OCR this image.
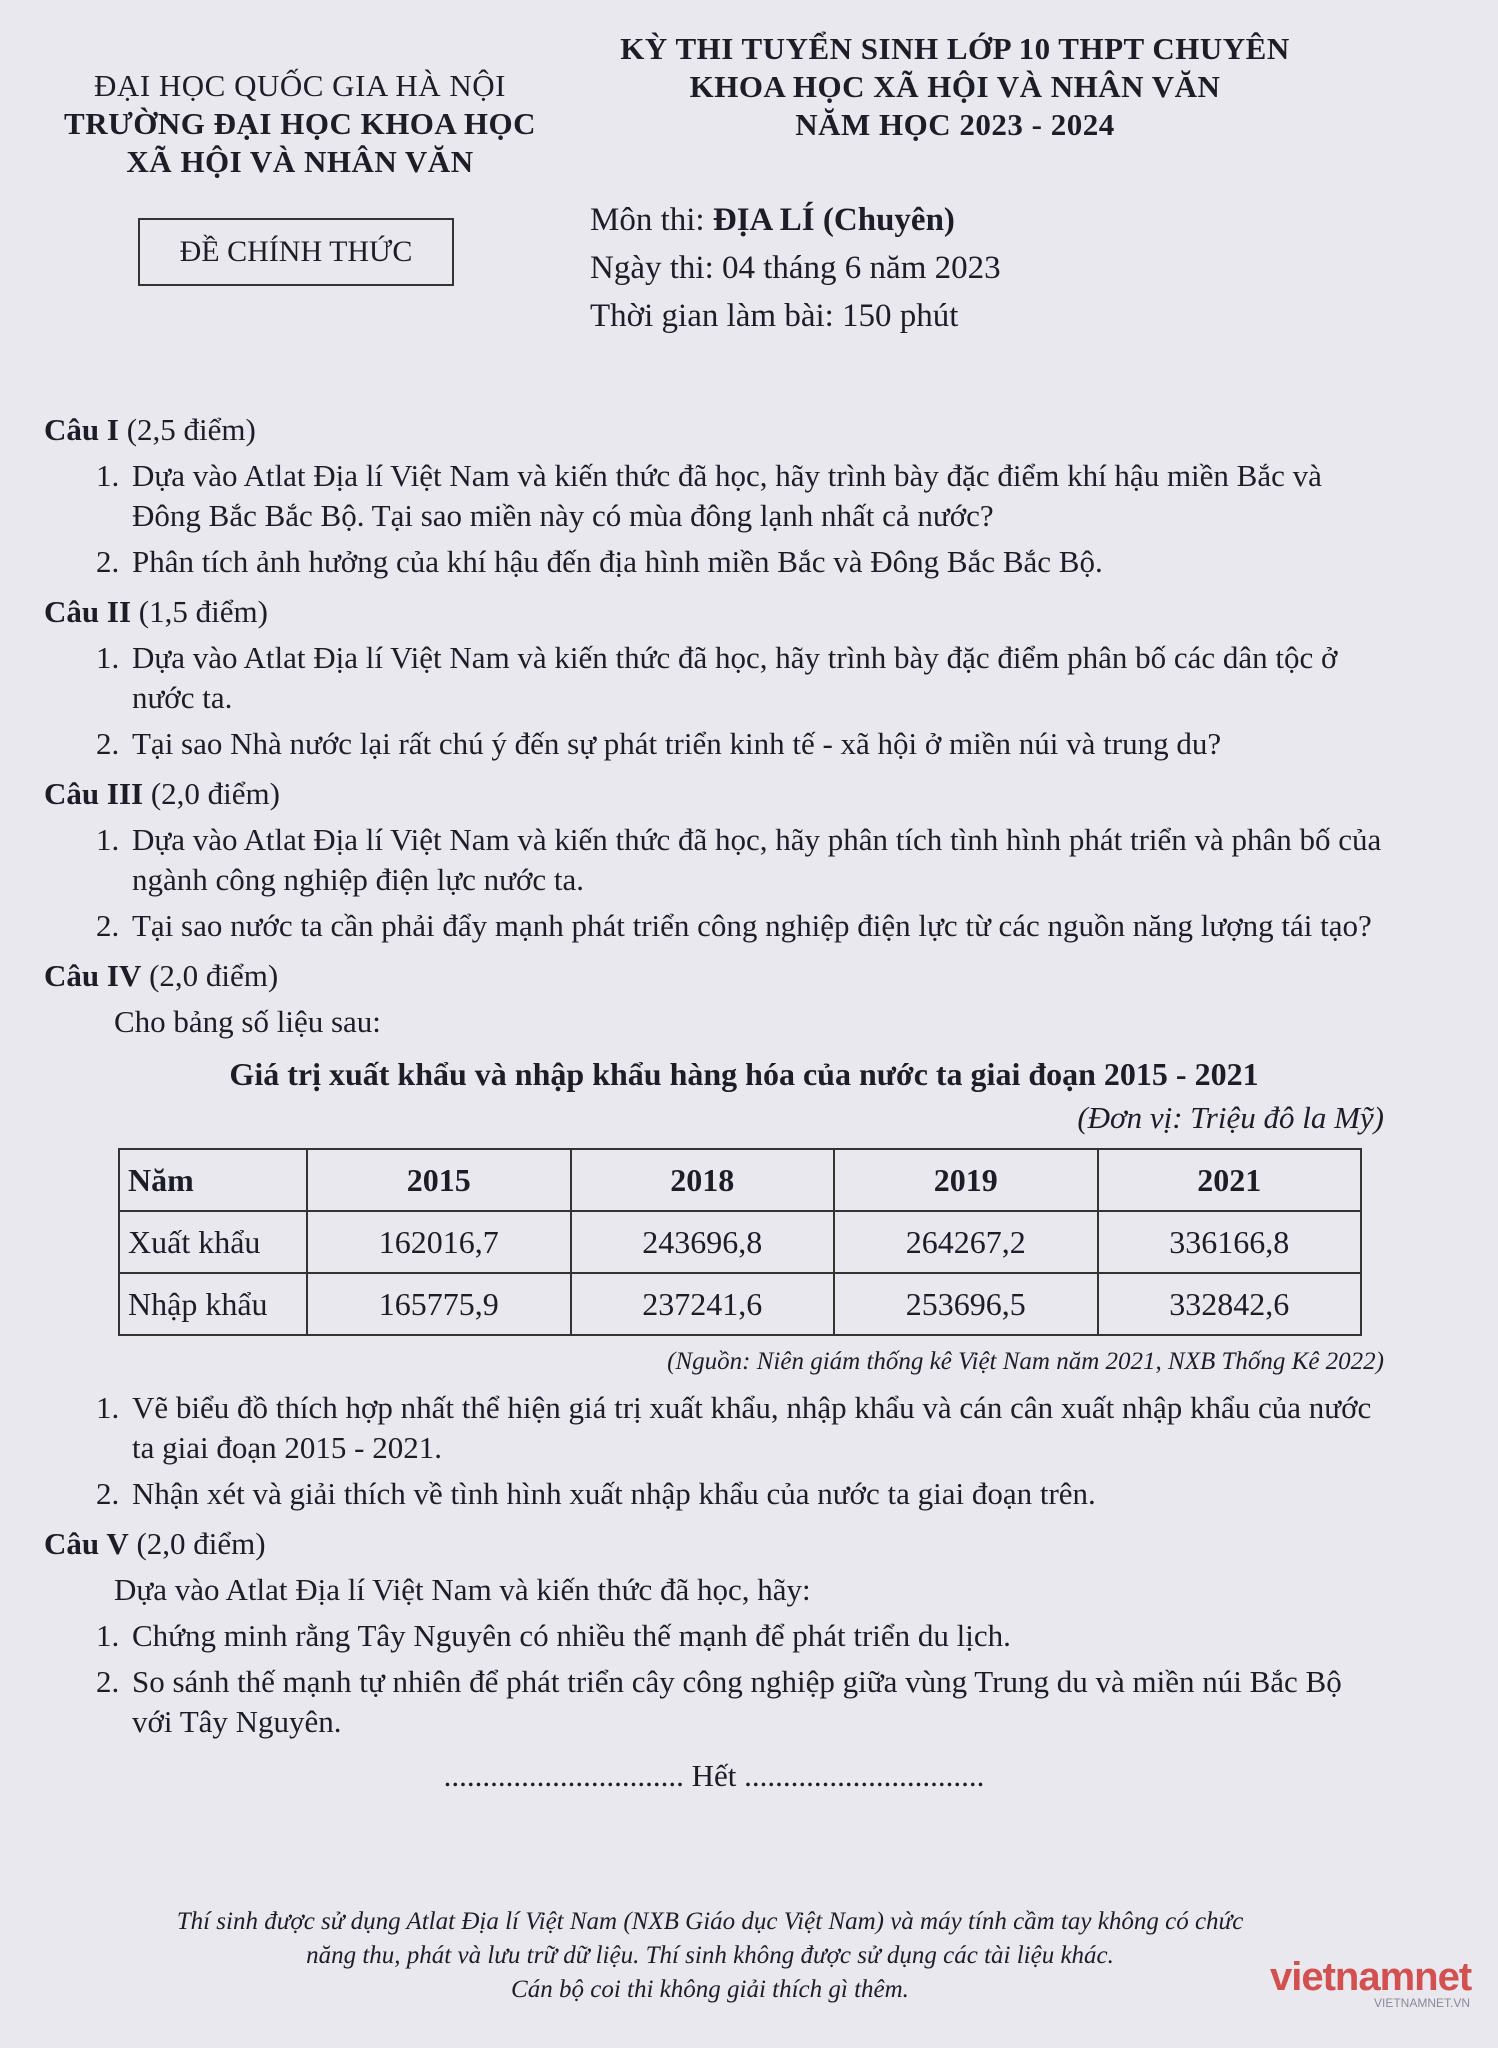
ĐẠI HỌC QUỐC GIA HÀ NỘI
TRƯỜNG ĐẠI HỌC KHOA HỌC
XÃ HỘI VÀ NHÂN VĂN
ĐỀ CHÍNH THỨC
KỲ THI TUYỂN SINH LỚP 10 THPT CHUYÊN
KHOA HỌC XÃ HỘI VÀ NHÂN VĂN
NĂM HỌC 2023 - 2024
Môn thi: ĐỊA LÍ (Chuyên)
Ngày thi: 04 tháng 6 năm 2023
Thời gian làm bài: 150 phút
Câu I (2,5 điểm)
1. Dựa vào Atlat Địa lí Việt Nam và kiến thức đã học, hãy trình bày đặc điểm khí hậu miền Bắc và Đông Bắc Bắc Bộ. Tại sao miền này có mùa đông lạnh nhất cả nước?
2. Phân tích ảnh hưởng của khí hậu đến địa hình miền Bắc và Đông Bắc Bắc Bộ.
Câu II (1,5 điểm)
1. Dựa vào Atlat Địa lí Việt Nam và kiến thức đã học, hãy trình bày đặc điểm phân bố các dân tộc ở nước ta.
2. Tại sao Nhà nước lại rất chú ý đến sự phát triển kinh tế - xã hội ở miền núi và trung du?
Câu III (2,0 điểm)
1. Dựa vào Atlat Địa lí Việt Nam và kiến thức đã học, hãy phân tích tình hình phát triển và phân bố của ngành công nghiệp điện lực nước ta.
2. Tại sao nước ta cần phải đẩy mạnh phát triển công nghiệp điện lực từ các nguồn năng lượng tái tạo?
Câu IV (2,0 điểm)
Cho bảng số liệu sau:
Giá trị xuất khẩu và nhập khẩu hàng hóa của nước ta giai đoạn 2015 - 2021
(Đơn vị: Triệu đô la Mỹ)
Năm	2015	2018	2019	2021
Xuất khẩu	162016,7	243696,8	264267,2	336166,8
Nhập khẩu	165775,9	237241,6	253696,5	332842,6
(Nguồn: Niên giám thống kê Việt Nam năm 2021, NXB Thống Kê 2022)
1. Vẽ biểu đồ thích hợp nhất thể hiện giá trị xuất khẩu, nhập khẩu và cán cân xuất nhập khẩu của nước ta giai đoạn 2015 - 2021.
2. Nhận xét và giải thích về tình hình xuất nhập khẩu của nước ta giai đoạn trên.
Câu V (2,0 điểm)
Dựa vào Atlat Địa lí Việt Nam và kiến thức đã học, hãy:
1. Chứng minh rằng Tây Nguyên có nhiều thế mạnh để phát triển du lịch.
2. So sánh thế mạnh tự nhiên để phát triển cây công nghiệp giữa vùng Trung du và miền núi Bắc Bộ với Tây Nguyên.
............................... Hết ...............................
Thí sinh được sử dụng Atlat Địa lí Việt Nam (NXB Giáo dục Việt Nam) và máy tính cầm tay không có chức
năng thu, phát và lưu trữ dữ liệu. Thí sinh không được sử dụng các tài liệu khác.
Cán bộ coi thi không giải thích gì thêm.	vietnamnet
VIETNAMNET.VN
